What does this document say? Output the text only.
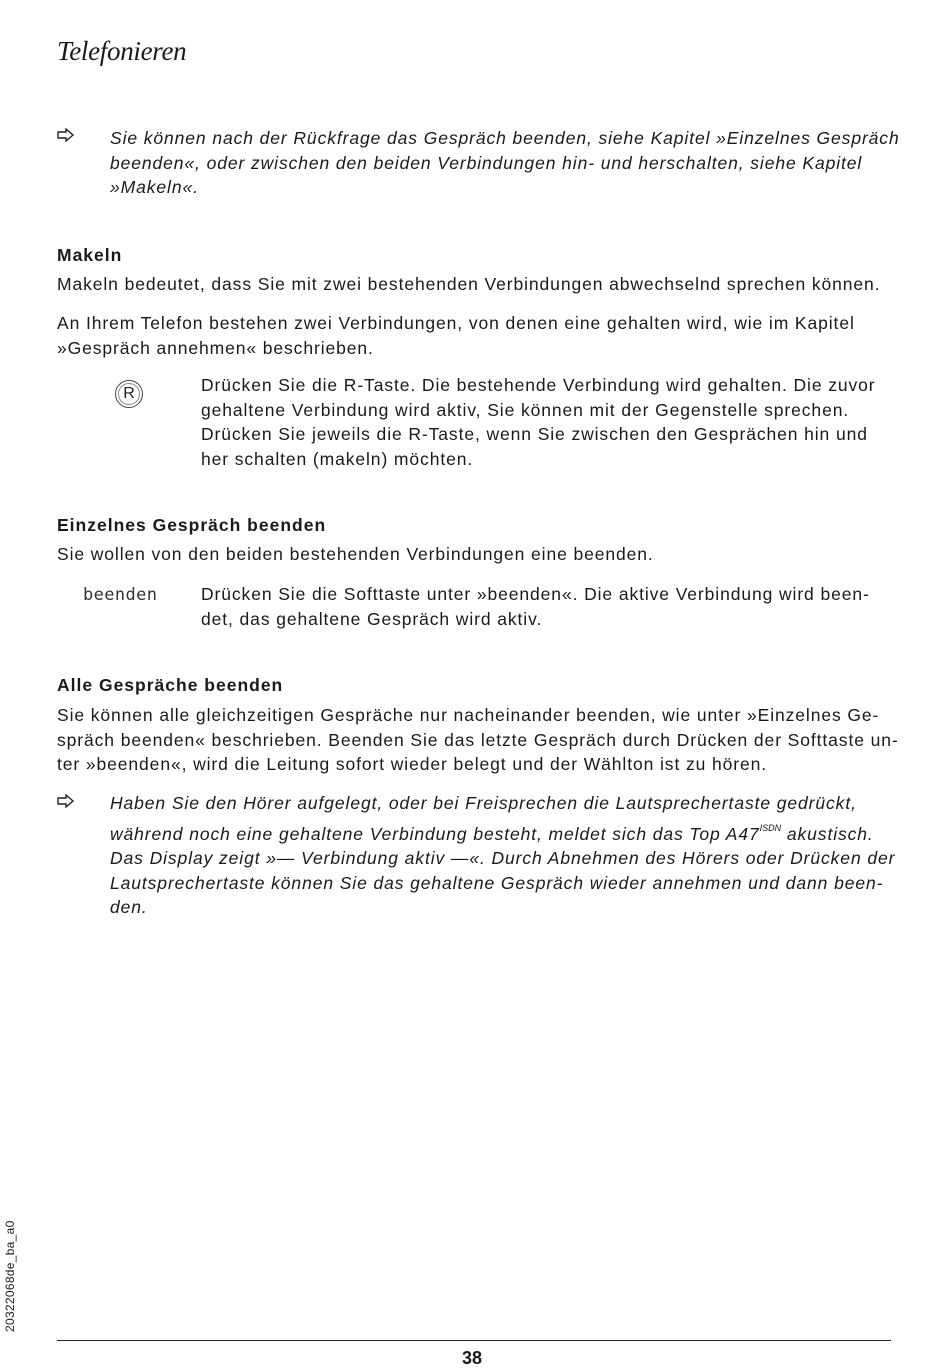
Telefonieren
Sie können nach der Rückfrage das Gespräch beenden, siehe Kapitel »Einzelnes Gespräch
beenden«, oder zwischen den beiden Verbindungen hin- und herschalten, siehe Kapitel
»Makeln«.
Makeln
Makeln bedeutet, dass Sie mit zwei bestehenden Verbindungen abwechselnd sprechen können.
An Ihrem Telefon bestehen zwei Verbindungen, von denen eine gehalten wird, wie im Kapitel
»Gespräch annehmen« beschrieben.
R	Drücken Sie die R-Taste. Die bestehende Verbindung wird gehalten. Die zuvor
gehaltene Verbindung wird aktiv, Sie können mit der Gegenstelle sprechen.
Drücken Sie jeweils die R-Taste, wenn Sie zwischen den Gesprächen hin und
her schalten (makeln) möchten.
Einzelnes Gespräch beenden
Sie wollen von den beiden bestehenden Verbindungen eine beenden.
beenden Drücken Sie die Softtaste unter »beenden«. Die aktive Verbindung wird been-
det, das gehaltene Gespräch wird aktiv.
Alle Gespräche beenden
Sie können alle gleichzeitigen Gespräche nur nacheinander beenden, wie unter »Einzelnes Ge-
spräch beenden« beschrieben. Beenden Sie das letzte Gespräch durch Drücken der Softtaste un-
ter »beenden«, wird die Leitung sofort wieder belegt und der Wählton ist zu hören.
Haben Sie den Hörer aufgelegt, oder bei Freisprechen die Lautsprechertaste gedrückt,
während noch eine gehaltene Verbindung besteht, meldet sich das Top $A47^{ISDN}$ akustisch.
Das Display zeigt »— Verbindung aktiv —«. Durch Abnehmen des Hörers oder Drücken der
Lautsprechertaste können Sie das gehaltene Gespräch wieder annehmen und dann been-
den.
20322068de_ba_a0
38
